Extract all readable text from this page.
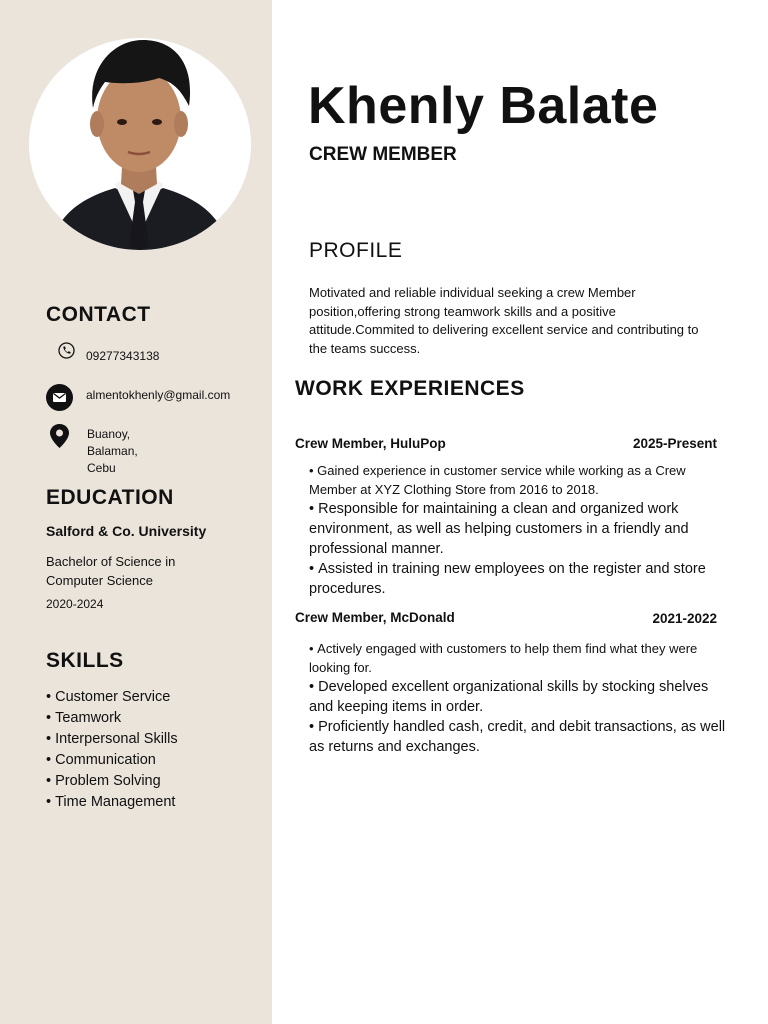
CONTACT
09277343138
almentokhenly@gmail.com
Buanoy,
Balaman,
Cebu
EDUCATION

Salford & Co. University

Bachelor of Science in Computer Science

2020-2024

SKILLS
• Customer Service
• Teamwork
• Interpersonal Skills
• Communication
• Problem Solving
• Time Management
Khenly Balate

CREW MEMBER

PROFILE

Motivated and reliable individual seeking a crew Member position,offering strong teamwork skills and a positive attitude.Commited to delivering excellent service and contributing to the teams success.

WORK EXPERIENCES

Crew Member, HuluPop	2025-Present

• Gained experience in customer service while working as a Crew Member at XYZ Clothing Store from 2016 to 2018.
• Responsible for maintaining a clean and organized work environment, as well as helping customers in a friendly and professional manner.
• Assisted in training new employees on the register and store procedures.

Crew Member, McDonald	2021-2022

• Actively engaged with customers to help them find what they were looking for.
• Developed excellent organizational skills by stocking shelves and keeping items in order.
• Proficiently handled cash, credit, and debit transactions, as well as returns and exchanges.
